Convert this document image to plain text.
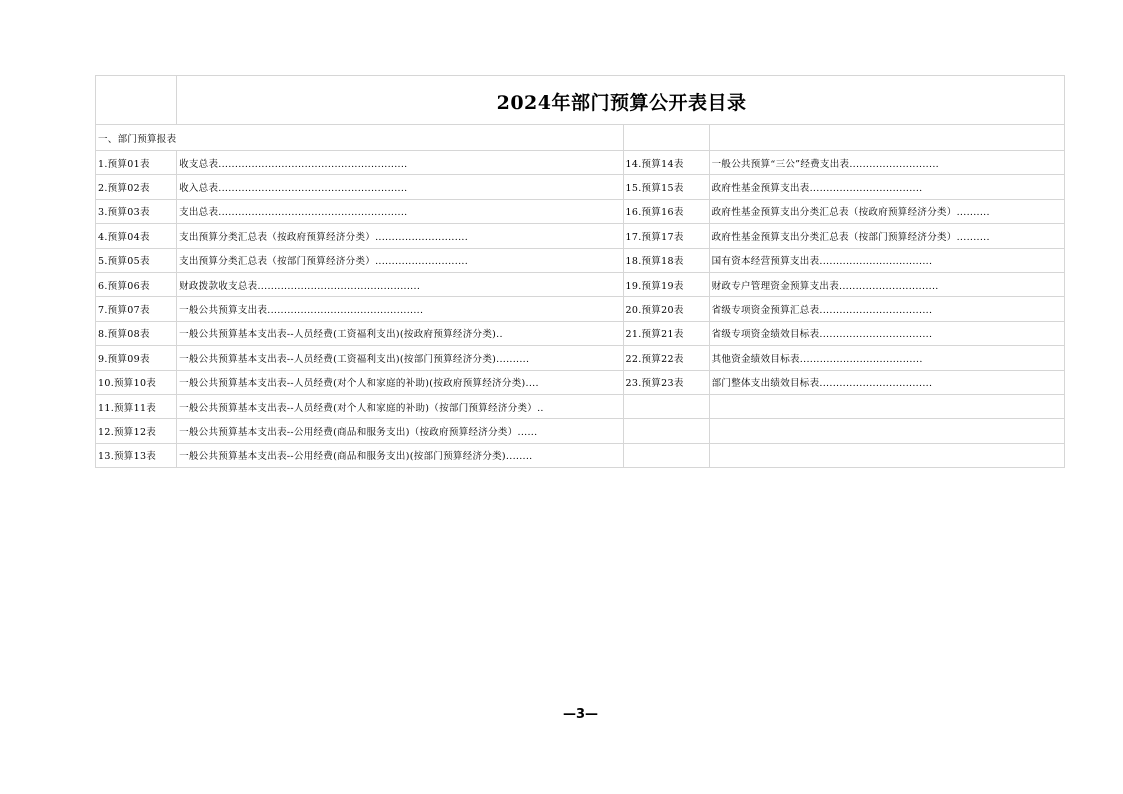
	2024年部门预算公开表目录		
一、部门预算报表			
1.预算01表	收支总表.........................................................	14.预算14表	一般公共预算“三公”经费支出表...........................
2.预算02表	收入总表.........................................................	15.预算15表	政府性基金预算支出表..................................
3.预算03表	支出总表.........................................................	16.预算16表	政府性基金预算支出分类汇总表（按政府预算经济分类）..........
4.预算04表	支出预算分类汇总表（按政府预算经济分类）............................	17.预算17表	政府性基金预算支出分类汇总表（按部门预算经济分类）..........
5.预算05表	支出预算分类汇总表（按部门预算经济分类）............................	18.预算18表	国有资本经营预算支出表..................................
6.预算06表	财政拨款收支总表.................................................	19.预算19表	财政专户管理资金预算支出表..............................
7.预算07表	一般公共预算支出表...............................................	20.预算20表	省级专项资金预算汇总表..................................
8.预算08表	一般公共预算基本支出表--人员经费(工资福利支出)(按政府预算经济分类)..	21.预算21表	省级专项资金绩效目标表..................................
9.预算09表	一般公共预算基本支出表--人员经费(工资福利支出)(按部门预算经济分类)..........	22.预算22表	其他资金绩效目标表.....................................
10.预算10表	一般公共预算基本支出表--人员经费(对个人和家庭的补助)(按政府预算经济分类)....	23.预算23表	部门整体支出绩效目标表..................................
11.预算11表	一般公共预算基本支出表--人员经费(对个人和家庭的补助)（按部门预算经济分类）..		
12.预算12表	一般公共预算基本支出表--公用经费(商品和服务支出)（按政府预算经济分类）......		
13.预算13表	一般公共预算基本支出表--公用经费(商品和服务支出)(按部门预算经济分类)........		
—3—
